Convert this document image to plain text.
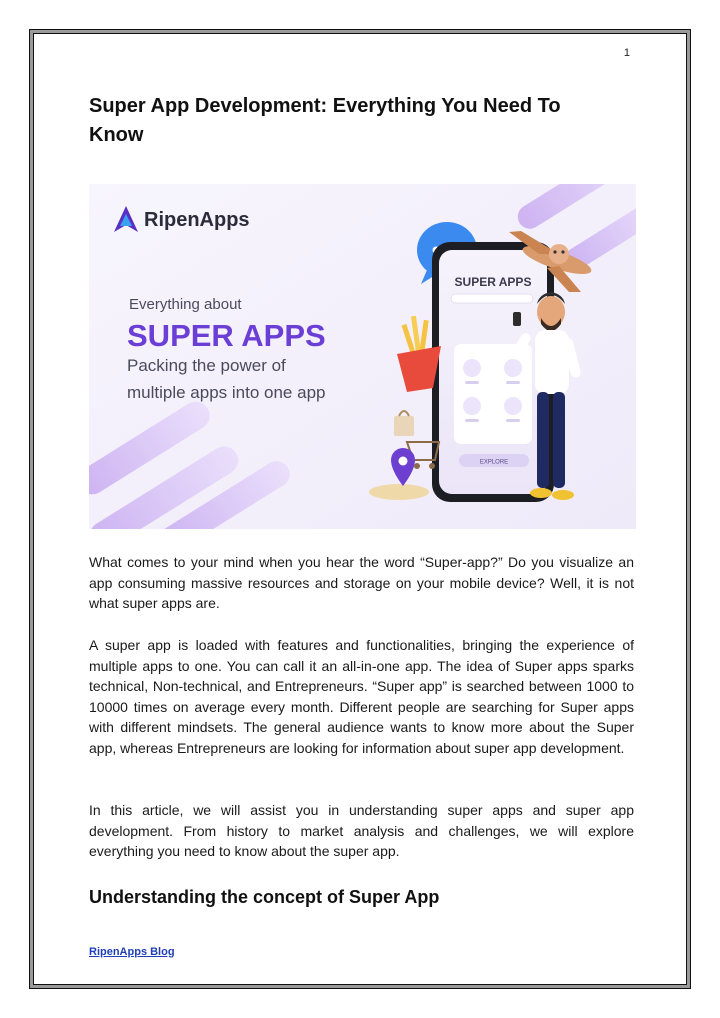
1
Super App Development: Everything You Need To Know
RipenApps
Everything about
SUPER APPS
Packing the power of
multiple apps into one app
SUPER APPS
EXPLORE

What comes to your mind when you hear the word “Super-app?” Do you visualize an app consuming massive resources and storage on your mobile device? Well, it is not what super apps are.

A super app is loaded with features and functionalities, bringing the experience of multiple apps to one. You can call it an all-in-one app. The idea of Super apps sparks technical, Non-technical, and Entrepreneurs. “Super app” is searched between 1000 to 10000 times on average every month. Different people are searching for Super apps with different mindsets. The general audience wants to know more about the Super app, whereas Entrepreneurs are looking for information about super app development.

In this article, we will assist you in understanding super apps and super app development. From history to market analysis and challenges, we will explore everything you need to know about the super app.

Understanding the concept of Super App
RipenApps Blog
